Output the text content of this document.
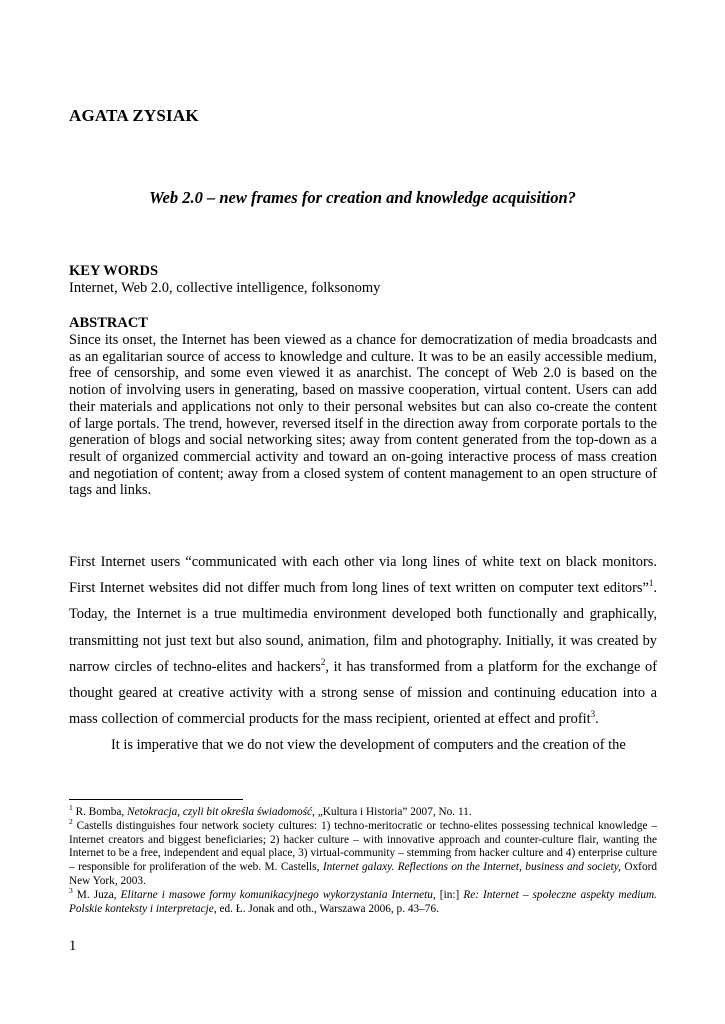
AGATA ZYSIAK
Web 2.0 – new frames for creation and knowledge acquisition?
KEY WORDS
Internet, Web 2.0, collective intelligence, folksonomy
ABSTRACT
Since its onset, the Internet has been viewed as a chance for democratization of media broadcasts and as an egalitarian source of access to knowledge and culture. It was to be an easily accessible medium, free of censorship, and some even viewed it as anarchist. The concept of Web 2.0 is based on the notion of involving users in generating, based on massive cooperation, virtual content. Users can add their materials and applications not only to their personal websites but can also co-create the content of large portals. The trend, however, reversed itself in the direction away from corporate portals to the generation of blogs and social networking sites; away from content generated from the top-down as a result of organized commercial activity and toward an on-going interactive process of mass creation and negotiation of content; away from a closed system of content management to an open structure of tags and links.

First Internet users “communicated with each other via long lines of white text on black monitors. First Internet websites did not differ much from long lines of text written on computer text editors”$^1$. Today, the Internet is a true multimedia environment developed both functionally and graphically, transmitting not just text but also sound, animation, film and photography. Initially, it was created by narrow circles of techno-elites and hackers$^2$, it has transformed from a platform for the exchange of thought geared at creative activity with a strong sense of mission and continuing education into a mass collection of commercial products for the mass recipient, oriented at effect and profit$^3$.

It is imperative that we do not view the development of computers and the creation of the

$^1$ R. Bomba, Netokracja, czyli bit określa świadomość, „Kultura i Historia” 2007, No. 11.

$^2$ Castells distinguishes four network society cultures: 1) techno-meritocratic or techno-elites possessing technical knowledge – Internet creators and biggest beneficiaries; 2) hacker culture – with innovative approach and counter-culture flair, wanting the Internet to be a free, independent and equal place, 3) virtual-community – stemming from hacker culture and 4) enterprise culture – responsible for proliferation of the web. M. Castells, Internet galaxy. Reflections on the Internet, business and society, Oxford New York, 2003.

$^3$ M. Juza, Elitarne i masowe formy komunikacyjnego wykorzystania Internetu, [in:] Re: Internet – społeczne aspekty medium. Polskie konteksty i interpretacje, ed. Ł. Jonak and oth., Warszawa 2006, p. 43–76.

1
